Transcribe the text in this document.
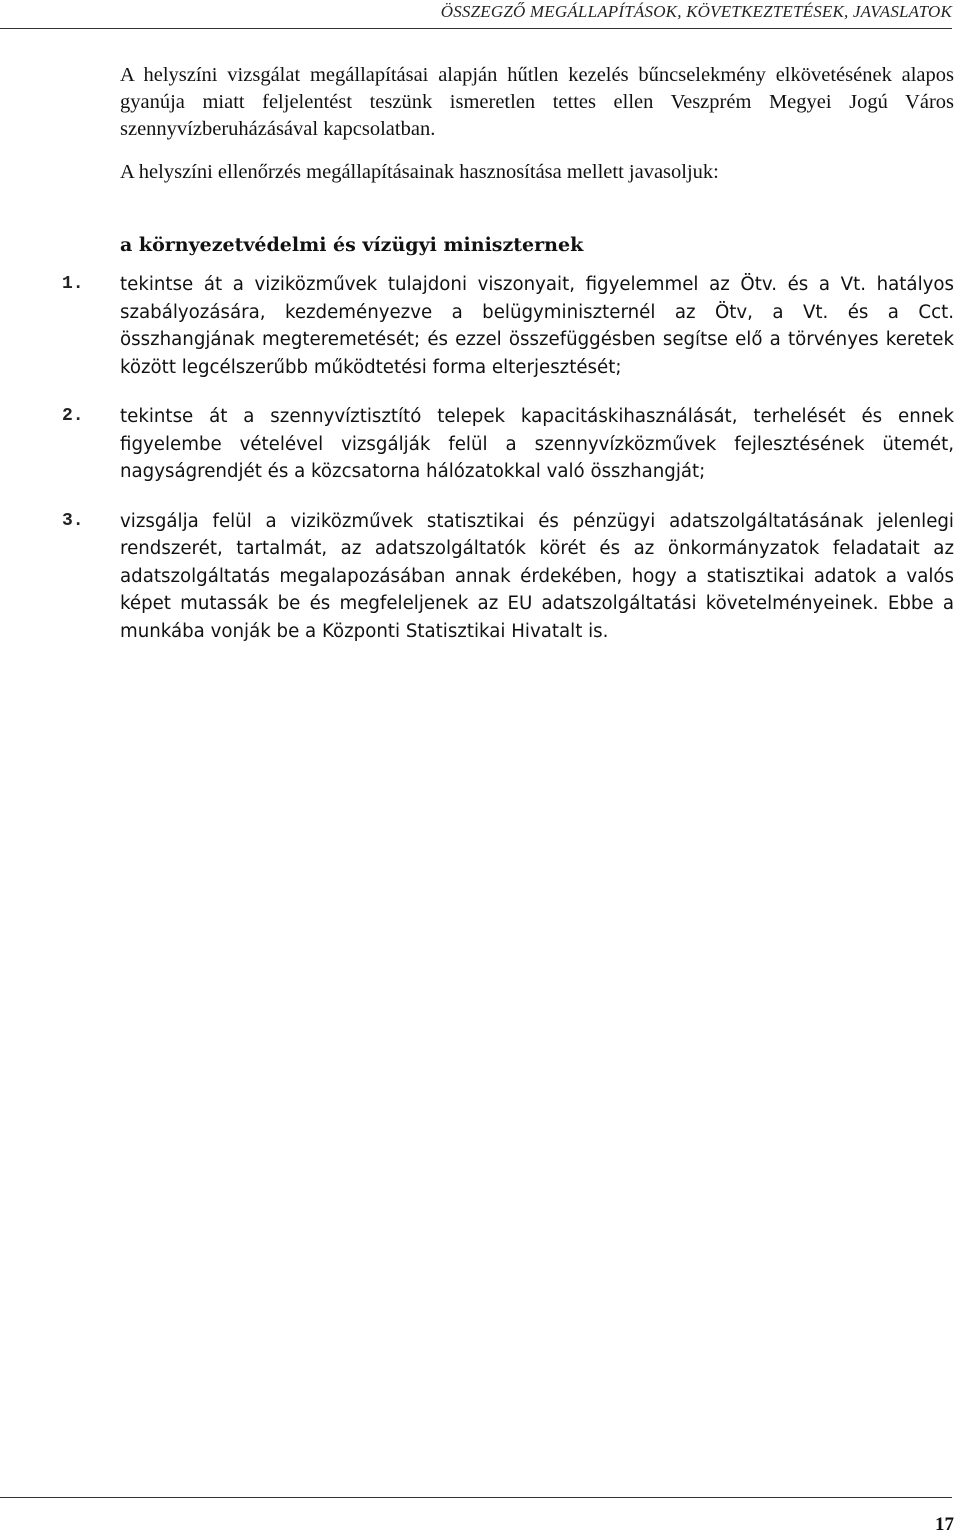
ÖSSZEGZŐ MEGÁLLAPÍTÁSOK, KÖVETKEZTETÉSEK, JAVASLATOK

A helyszíni vizsgálat megállapításai alapján hűtlen kezelés bűncselekmény elkövetésének alapos gyanúja miatt feljelentést teszünk ismeretlen tettes ellen Veszprém Megyei Jogú Város szennyvízberuházásával kapcsolatban.

A helyszíni ellenőrzés megállapításainak hasznosítása mellett javasoljuk:

a környezetvédelmi és vízügyi miniszternek
1. tekintse át a viziközművek tulajdoni viszonyait, figyelemmel az Ötv. és a Vt. hatályos szabályozására, kezdeményezve a belügyminiszternél az Ötv, a Vt. és a Cct. összhangjának megteremetését; és ezzel összefüggésben segítse elő a törvényes keretek között legcélszerűbb működtetési forma elterjesztését;

2. tekintse át a szennyvíztisztító telepek kapacitáskihasználását, terhelését és ennek figyelembe vételével vizsgálják felül a szennyvízközművek fejlesztésének ütemét, nagyságrendjét és a közcsatorna hálózatokkal való összhangját;

3. vizsgálja felül a viziközművek statisztikai és pénzügyi adatszolgáltatásának jelenlegi rendszerét, tartalmát, az adatszolgáltatók körét és az önkormányzatok feladatait az adatszolgáltatás megalapozásában annak érdekében, hogy a statisztikai adatok a valós képet mutassák be és megfeleljenek az EU adatszolgáltatási követelményeinek. Ebbe a munkába vonják be a Központi Statisztikai Hivatalt is.

17
